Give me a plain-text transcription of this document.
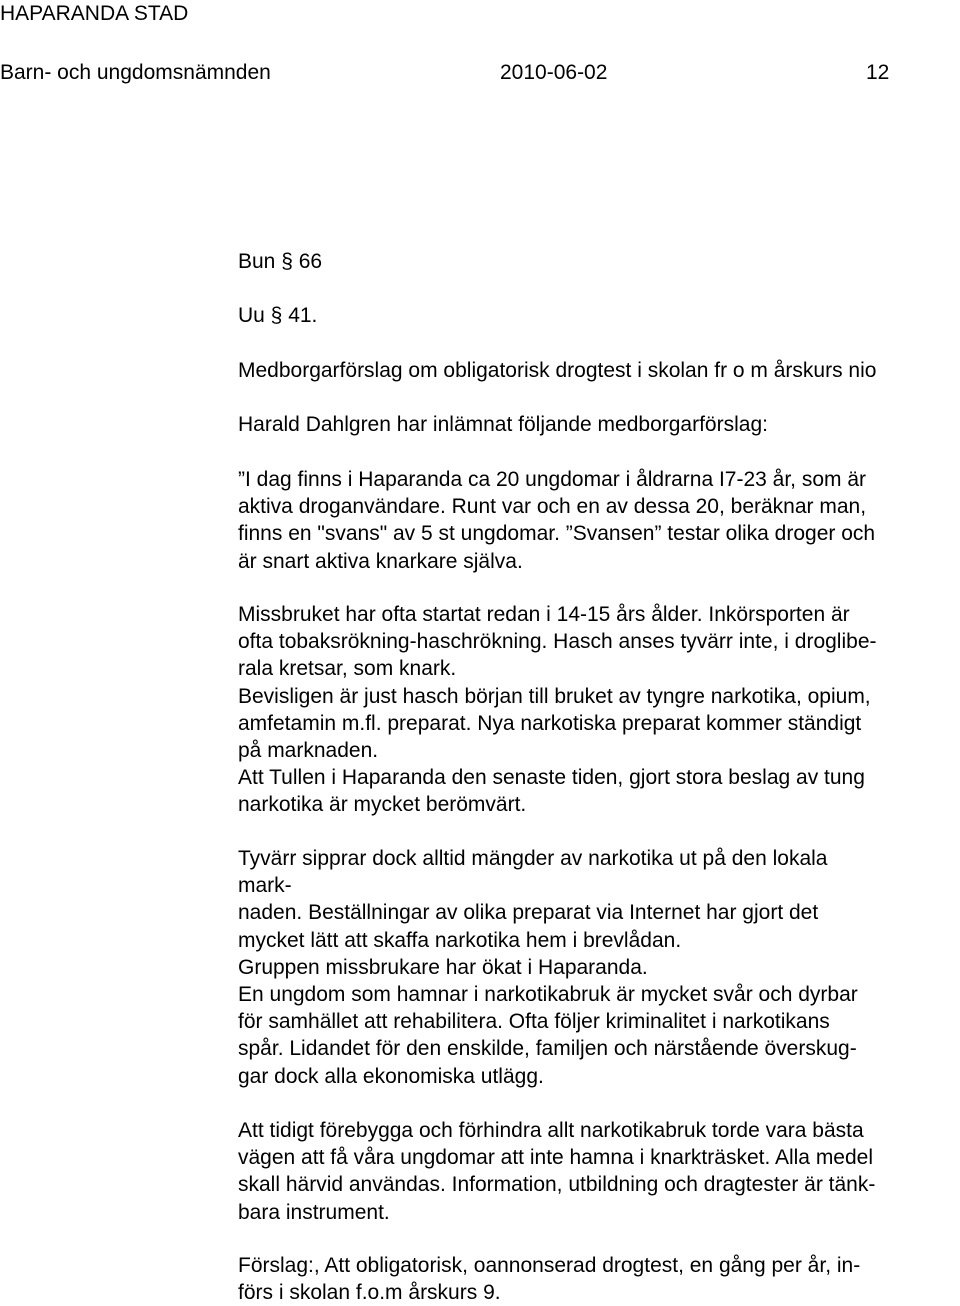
HAPARANDA STAD
Barn- och ungdomsnämnden	2010-06-02	12
Bun § 66
Uu § 41.
Medborgarförslag om obligatorisk drogtest i skolan fr o m årskurs nio
Harald Dahlgren har inlämnat följande medborgarförslag:
”I dag finns i Haparanda ca 20 ungdomar i åldrarna I7-23 år, som är
aktiva droganvändare. Runt var och en av dessa 20, beräknar man,
finns en "svans" av 5 st ungdomar. ”Svansen” testar olika droger och
är snart aktiva knarkare själva.
Missbruket har ofta startat redan i 14-15 års ålder. Inkörsporten är
ofta tobaksrökning-haschrökning. Hasch anses tyvärr inte, i droglibe-
rala kretsar, som knark.
Bevisligen är just hasch början till bruket av tyngre narkotika, opium,
amfetamin m.fl. preparat. Nya narkotiska preparat kommer ständigt
på marknaden.
Att Tullen i Haparanda den senaste tiden, gjort stora beslag av tung
narkotika är mycket berömvärt.
Tyvärr sipprar dock alltid mängder av narkotika ut på den lokala
mark-
naden. Beställningar av olika preparat via Internet har gjort det
mycket lätt att skaffa narkotika hem i brevlådan.
Gruppen missbrukare har ökat i Haparanda.
En ungdom som hamnar i narkotikabruk är mycket svår och dyrbar
för samhället att rehabilitera. Ofta följer kriminalitet i narkotikans
spår. Lidandet för den enskilde, familjen och närstående överskug-
gar dock alla ekonomiska utlägg.
Att tidigt förebygga och förhindra allt narkotikabruk torde vara bästa
vägen att få våra ungdomar att inte hamna i knarkträsket. Alla medel
skall härvid användas. Information, utbildning och dragtester är tänk-
bara instrument.
Förslag:, Att obligatorisk, oannonserad drogtest, en gång per år, in-
förs i skolan f.o.m årskurs 9.
